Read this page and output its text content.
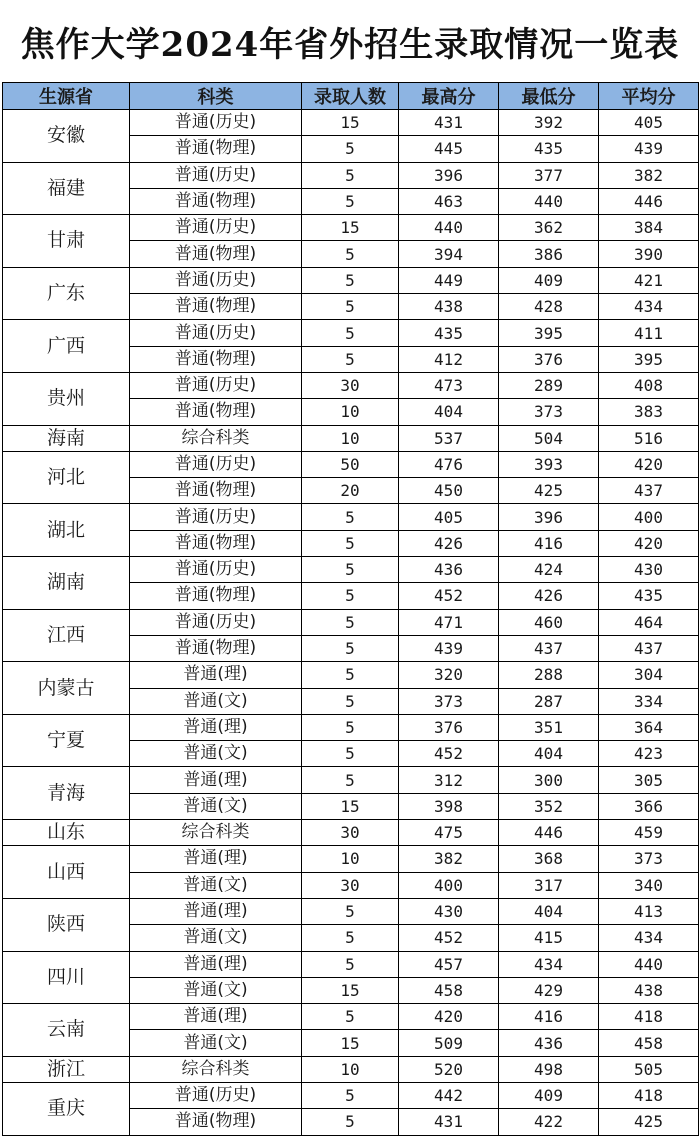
焦作大学2024年省外招生录取情况一览表
生源省	科类	录取人数	最高分	最低分	平均分
安徽	普通(历史)	15	431	392	405
	普通(物理)	5	445	435	439
福建	普通(历史)	5	396	377	382
	普通(物理)	5	463	440	446
甘肃	普通(历史)	15	440	362	384
	普通(物理)	5	394	386	390
广东	普通(历史)	5	449	409	421
	普通(物理)	5	438	428	434
广西	普通(历史)	5	435	395	411
	普通(物理)	5	412	376	395
贵州	普通(历史)	30	473	289	408
	普通(物理)	10	404	373	383
海南	综合科类	10	537	504	516
河北	普通(历史)	50	476	393	420
	普通(物理)	20	450	425	437
湖北	普通(历史)	5	405	396	400
	普通(物理)	5	426	416	420
湖南	普通(历史)	5	436	424	430
	普通(物理)	5	452	426	435
江西	普通(历史)	5	471	460	464
	普通(物理)	5	439	437	437
内蒙古	普通(理)	5	320	288	304
	普通(文)	5	373	287	334
宁夏	普通(理)	5	376	351	364
	普通(文)	5	452	404	423
青海	普通(理)	5	312	300	305
	普通(文)	15	398	352	366
山东	综合科类	30	475	446	459
山西	普通(理)	10	382	368	373
	普通(文)	30	400	317	340
陕西	普通(理)	5	430	404	413
	普通(文)	5	452	415	434
四川	普通(理)	5	457	434	440
	普通(文)	15	458	429	438
云南	普通(理)	5	420	416	418
	普通(文)	15	509	436	458
浙江	综合科类	10	520	498	505
重庆	普通(历史)	5	442	409	418
	普通(物理)	5	431	422	425
